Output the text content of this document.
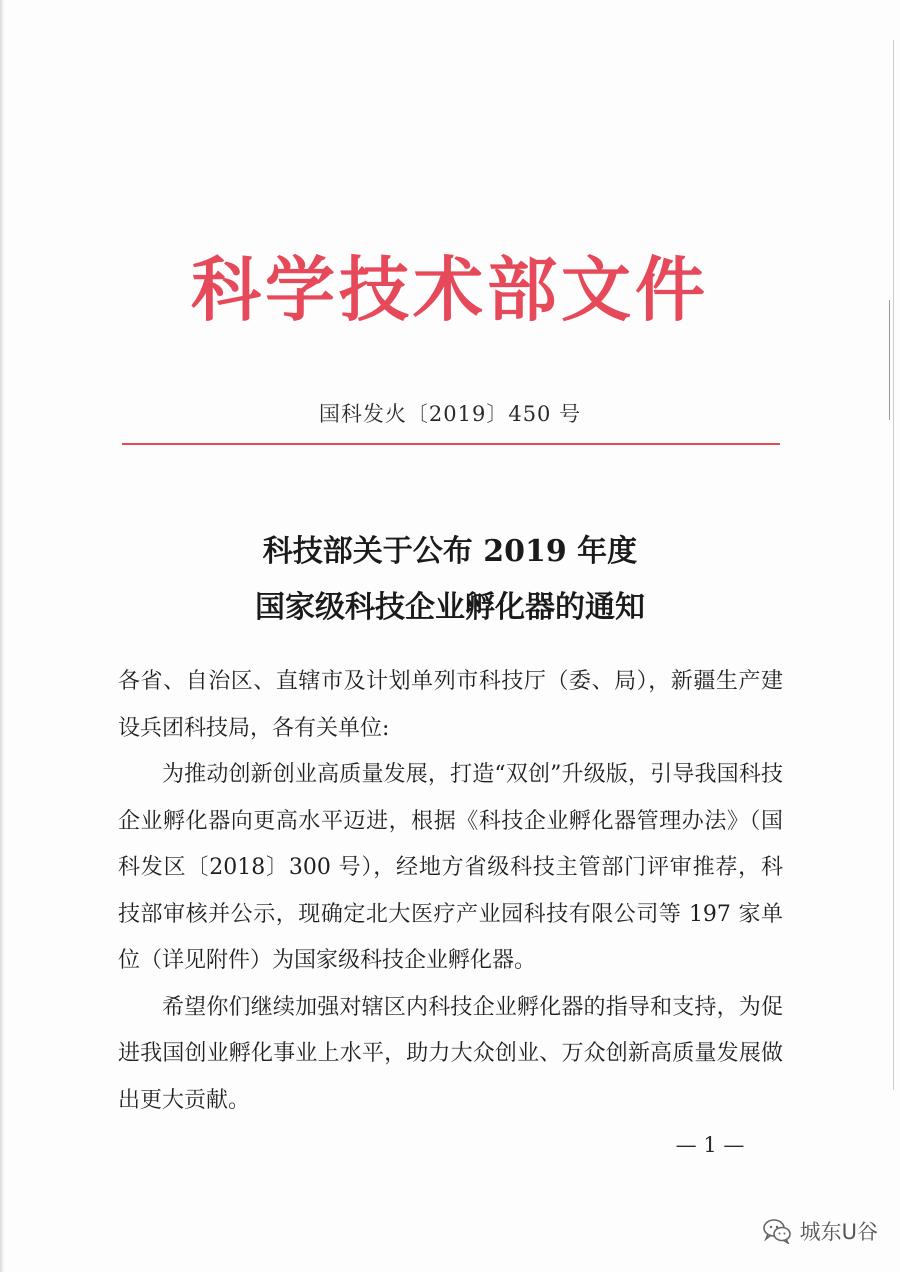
科学技术部文件
国科发火〔2019〕450 号
科技部关于公布 2019 年度
国家级科技企业孵化器的通知

各省、自治区、直辖市及计划单列市科技厅（委、局），新疆生产建设兵团科技局，各有关单位:

为推动创新创业高质量发展，打造“双创”升级版，引导我国科技企业孵化器向更高水平迈进，根据《科技企业孵化器管理办法》（国科发区〔2018〕300 号），经地方省级科技主管部门评审推荐，科技部审核并公示，现确定北大医疗产业园科技有限公司等 197 家单位（详见附件）为国家级科技企业孵化器。

希望你们继续加强对辖区内科技企业孵化器的指导和支持，为促进我国创业孵化事业上水平，助力大众创业、万众创新高质量发展做出更大贡献。

— 1 —
城东U谷
